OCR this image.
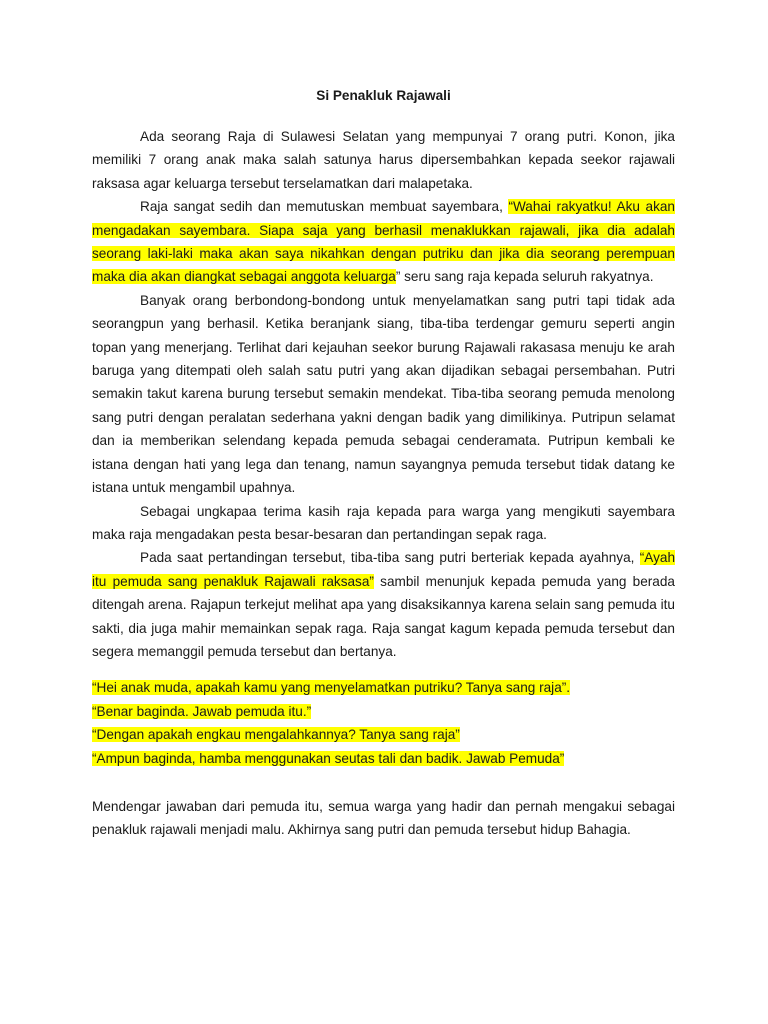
Si Penakluk Rajawali

Ada seorang Raja di Sulawesi Selatan yang mempunyai 7 orang putri. Konon, jika memiliki 7 orang anak maka salah satunya harus dipersembahkan kepada seekor rajawali raksasa agar keluarga tersebut terselamatkan dari malapetaka.

Raja sangat sedih dan memutuskan membuat sayembara, “Wahai rakyatku! Aku akan mengadakan sayembara. Siapa saja yang berhasil menaklukkan rajawali, jika dia adalah seorang laki-laki maka akan saya nikahkan dengan putriku dan jika dia seorang perempuan maka dia akan diangkat sebagai anggota keluarga” seru sang raja kepada seluruh rakyatnya.

Banyak orang berbondong-bondong untuk menyelamatkan sang putri tapi tidak ada seorangpun yang berhasil. Ketika beranjank siang, tiba-tiba terdengar gemuru seperti angin topan yang menerjang. Terlihat dari kejauhan seekor burung Rajawali rakasasa menuju ke arah baruga yang ditempati oleh salah satu putri yang akan dijadikan sebagai persembahan. Putri semakin takut karena burung tersebut semakin mendekat. Tiba-tiba seorang pemuda menolong sang putri dengan peralatan sederhana yakni dengan badik yang dimilikinya. Putripun selamat dan ia memberikan selendang kepada pemuda sebagai cenderamata. Putripun kembali ke istana dengan hati yang lega dan tenang, namun sayangnya pemuda tersebut tidak datang ke istana untuk mengambil upahnya.

Sebagai ungkapaa terima kasih raja kepada para warga yang mengikuti sayembara maka raja mengadakan pesta besar-besaran dan pertandingan sepak raga.

Pada saat pertandingan tersebut, tiba-tiba sang putri berteriak kepada ayahnya, “Ayah itu pemuda sang penakluk Rajawali raksasa” sambil menunjuk kepada pemuda yang berada ditengah arena. Rajapun terkejut melihat apa yang disaksikannya karena selain sang pemuda itu sakti, dia juga mahir memainkan sepak raga. Raja sangat kagum kepada pemuda tersebut dan segera memanggil pemuda tersebut dan bertanya.

“Hei anak muda, apakah kamu yang menyelamatkan putriku? Tanya sang raja”.

“Benar baginda. Jawab pemuda itu.”

“Dengan apakah engkau mengalahkannya? Tanya sang raja”

“Ampun baginda, hamba menggunakan seutas tali dan badik. Jawab Pemuda”

Mendengar jawaban dari pemuda itu, semua warga yang hadir dan pernah mengakui sebagai penakluk rajawali menjadi malu. Akhirnya sang putri dan pemuda tersebut hidup Bahagia.
